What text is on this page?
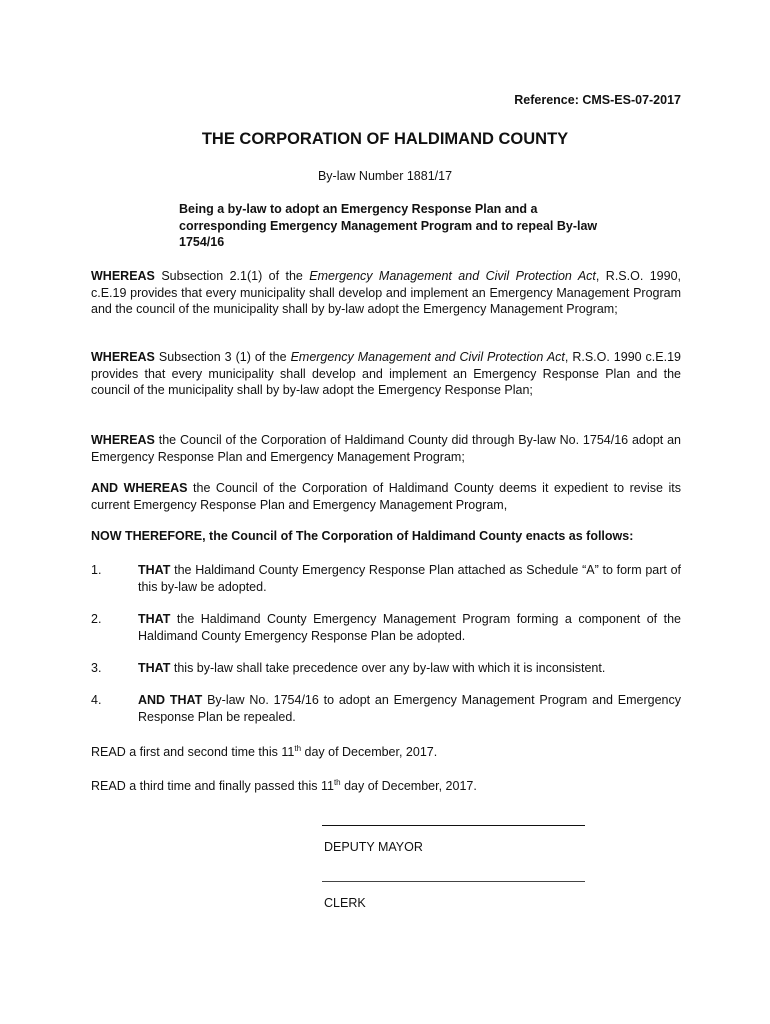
Reference: CMS-ES-07-2017
THE CORPORATION OF HALDIMAND COUNTY
By-law Number 1881/17
Being a by-law to adopt an Emergency Response Plan and a corresponding Emergency Management Program and to repeal By-law 1754/16
WHEREAS Subsection 2.1(1) of the Emergency Management and Civil Protection Act, R.S.O. 1990, c.E.19 provides that every municipality shall develop and implement an Emergency Management Program and the council of the municipality shall by by-law adopt the Emergency Management Program;
WHEREAS Subsection 3 (1) of the Emergency Management and Civil Protection Act, R.S.O. 1990 c.E.19 provides that every municipality shall develop and implement an Emergency Response Plan and the council of the municipality shall by by-law adopt the Emergency Response Plan;
WHEREAS the Council of the Corporation of Haldimand County did through By-law No. 1754/16 adopt an Emergency Response Plan and Emergency Management Program;
AND WHEREAS the Council of the Corporation of Haldimand County deems it expedient to revise its current Emergency Response Plan and Emergency Management Program,
NOW THEREFORE, the Council of The Corporation of Haldimand County enacts as follows:
1.	THAT the Haldimand County Emergency Response Plan attached as Schedule “A” to form part of this by-law be adopted.
2.	THAT the Haldimand County Emergency Management Program forming a component of the Haldimand County Emergency Response Plan be adopted.
3.	THAT this by-law shall take precedence over any by-law with which it is inconsistent.
4.	AND THAT By-law No. 1754/16 to adopt an Emergency Management Program and Emergency Response Plan be repealed.
READ a first and second time this 11th day of December, 2017.
READ a third time and finally passed this 11th day of December, 2017.
DEPUTY MAYOR
CLERK
